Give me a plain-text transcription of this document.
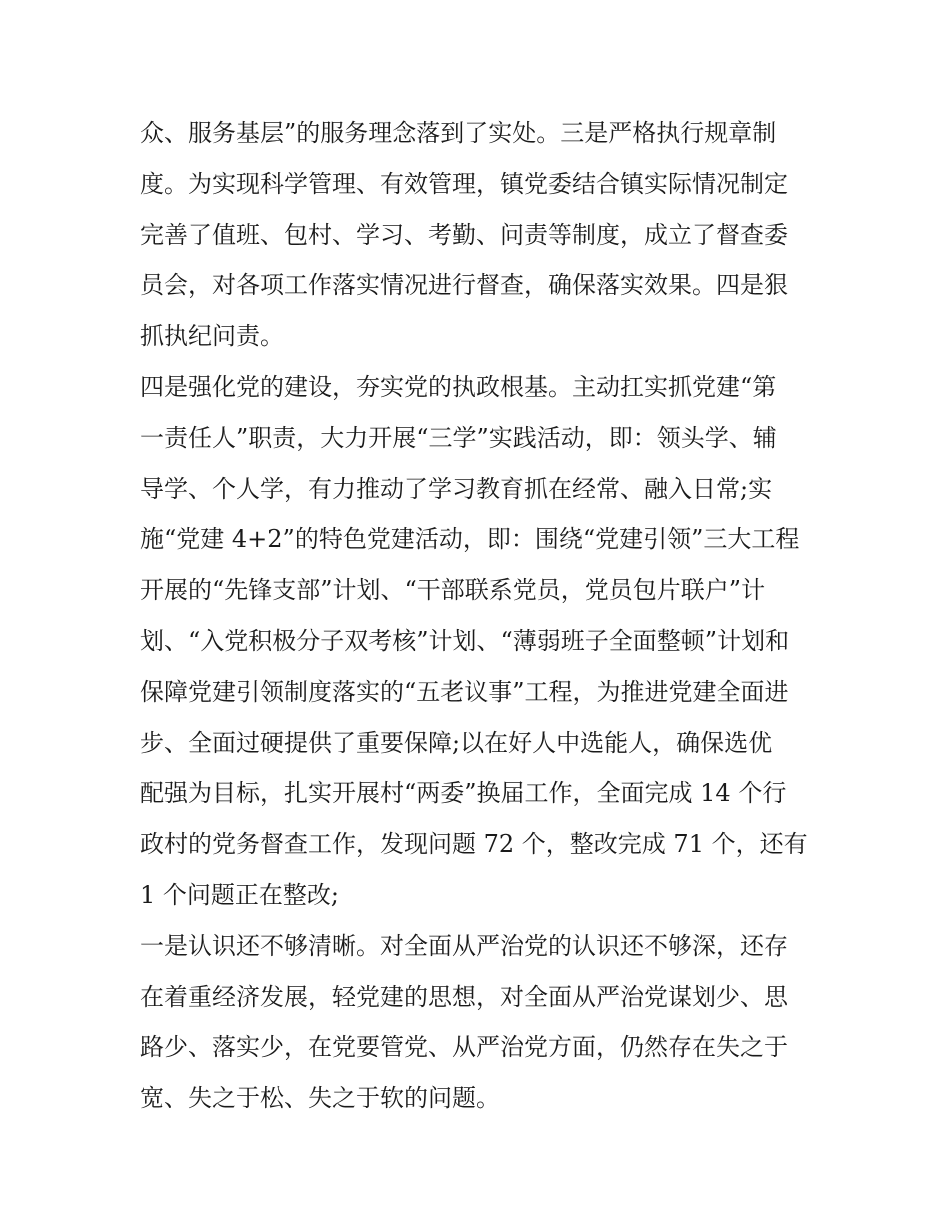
众、服务基层”的服务理念落到了实处。三是严格执行规章制
度。为实现科学管理、有效管理，镇党委结合镇实际情况制定
完善了值班、包村、学习、考勤、问责等制度，成立了督查委
员会，对各项工作落实情况进行督查，确保落实效果。四是狠
抓执纪问责。
四是强化党的建设，夯实党的执政根基。主动扛实抓党建“第
一责任人”职责，大力开展“三学”实践活动，即：领头学、辅
导学、个人学，有力推动了学习教育抓在经常、融入日常;实
施“党建 4+2”的特色党建活动，即：围绕“党建引领”三大工程
开展的“先锋支部”计划、“干部联系党员，党员包片联户”计
划、“入党积极分子双考核”计划、“薄弱班子全面整顿”计划和
保障党建引领制度落实的“五老议事”工程，为推进党建全面进
步、全面过硬提供了重要保障;以在好人中选能人，确保选优
配强为目标，扎实开展村“两委”换届工作，全面完成 14 个行
政村的党务督查工作，发现问题 72 个，整改完成 71 个，还有
1 个问题正在整改;
一是认识还不够清晰。对全面从严治党的认识还不够深，还存
在着重经济发展，轻党建的思想，对全面从严治党谋划少、思
路少、落实少，在党要管党、从严治党方面，仍然存在失之于
宽、失之于松、失之于软的问题。
